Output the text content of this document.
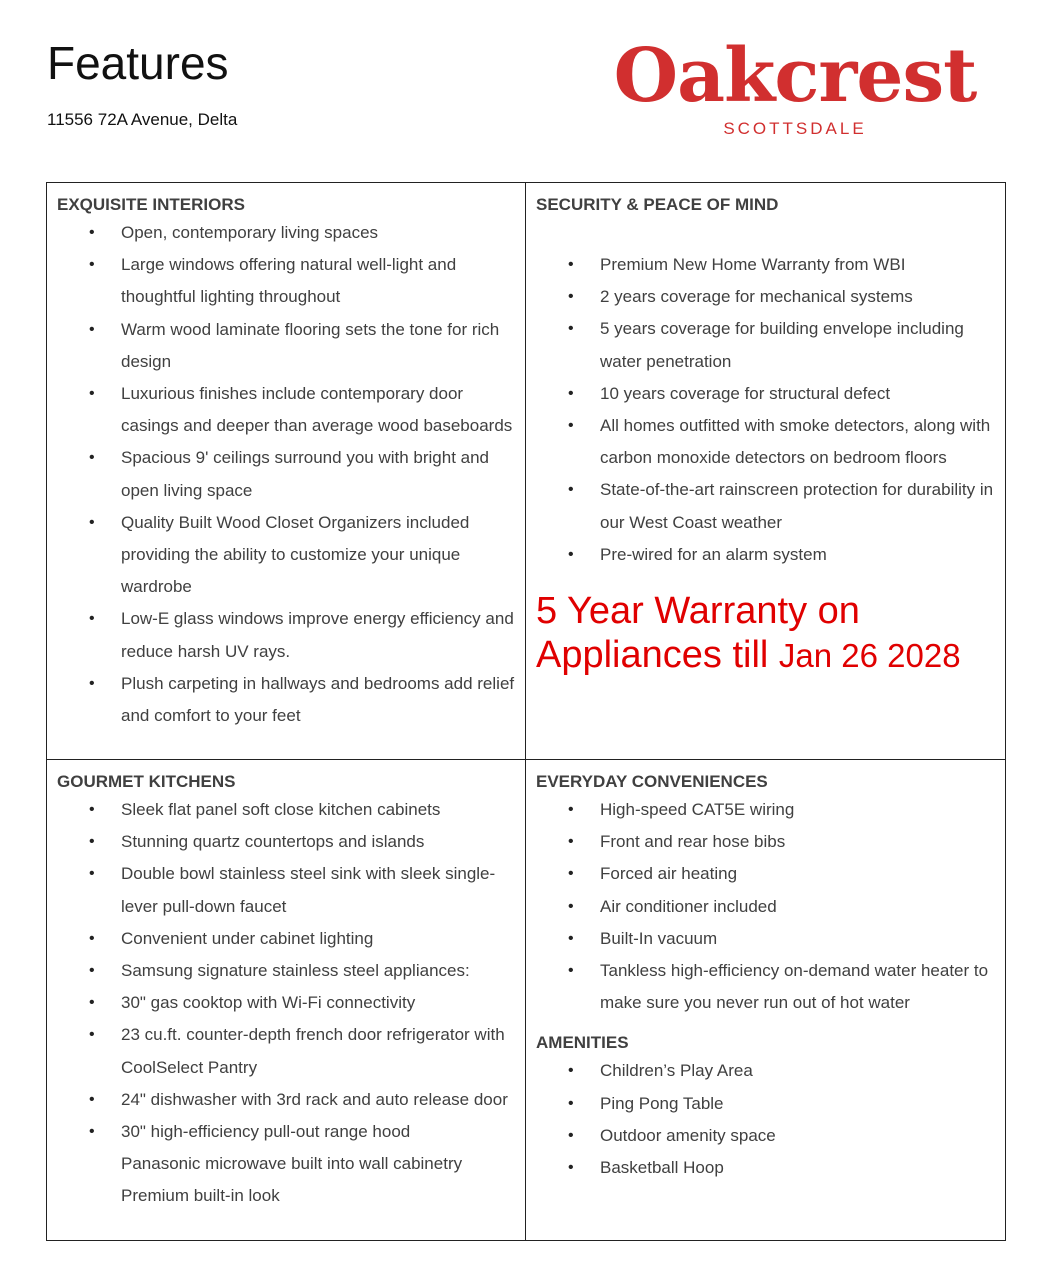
Features
11556 72A Avenue, Delta
Oakcrest
SCOTTSDALE

EXQUISITE INTERIORS

• Open, contemporary living spaces
• Large windows offering natural well-light and thoughtful lighting throughout
• Warm wood laminate flooring sets the tone for rich design
• Luxurious finishes include contemporary door casings and deeper than average wood baseboards
• Spacious 9' ceilings surround you with bright and open living space
• Quality Built Wood Closet Organizers included providing the ability to customize your unique wardrobe
• Low-E glass windows improve energy efficiency and reduce harsh UV rays.
• Plush carpeting in hallways and bedrooms add relief and comfort to your feet

SECURITY & PEACE OF MIND

• Premium New Home Warranty from WBI
• 2 years coverage for mechanical systems
• 5 years coverage for building envelope including water penetration
• 10 years coverage for structural defect
• All homes outfitted with smoke detectors, along with carbon monoxide detectors on bedroom floors
• State-of-the-art rainscreen protection for durability in our West Coast weather
• Pre-wired for an alarm system
5 Year Warranty on
Appliances till Jan 26 2028

GOURMET KITCHENS

• Sleek flat panel soft close kitchen cabinets
• Stunning quartz countertops and islands
• Double bowl stainless steel sink with sleek single-lever pull-down faucet
• Convenient under cabinet lighting
• Samsung signature stainless steel appliances:
• 30" gas cooktop with Wi-Fi connectivity
• 23 cu.ft. counter-depth french door refrigerator with CoolSelect Pantry
• 24" dishwasher with 3rd rack and auto release door
• 30" high-efficiency pull-out range hood
Panasonic microwave built into wall cabinetry
Premium built-in look

EVERYDAY CONVENIENCES

• High-speed CAT5E wiring
• Front and rear hose bibs
• Forced air heating
• Air conditioner included
• Built-In vacuum
• Tankless high-efficiency on-demand water heater to make sure you never run out of hot water

AMENITIES

• Children’s Play Area
• Ping Pong Table
• Outdoor amenity space
• Basketball Hoop
